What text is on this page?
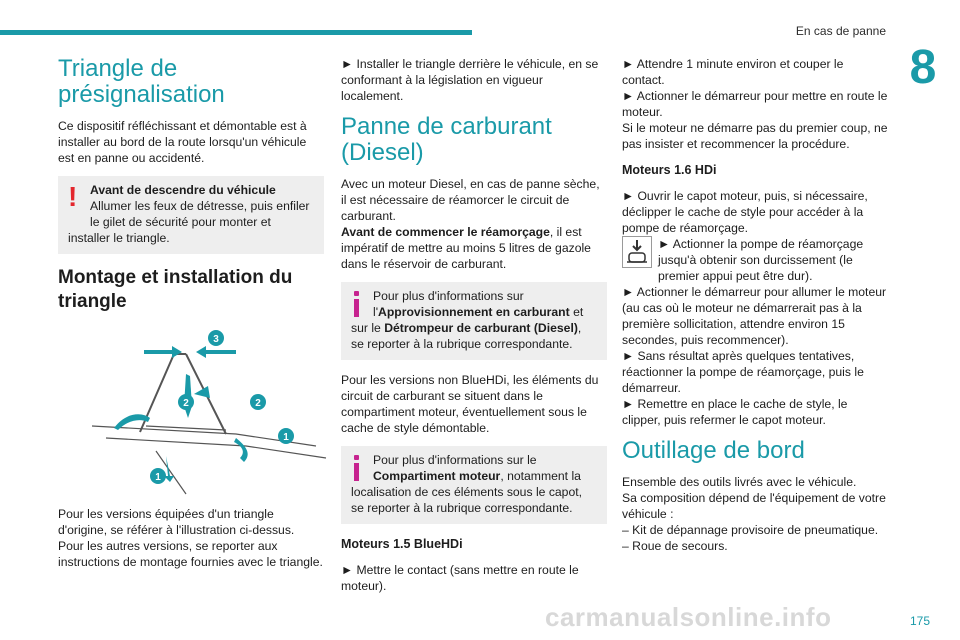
En cas de panne
8
Triangle de présignalisation

Ce dispositif réfléchissant et démontable est à installer au bord de la route lorsqu'un véhicule est en panne ou accidenté.

!	Avant de descendre du véhicule
Allumer les feux de détresse, puis enfiler le gilet de sécurité pour monter et installer le triangle.
Montage et installation du triangle
3
2	2
1
1

Pour les versions équipées d'un triangle d'origine, se référer à l'illustration ci-dessus.

Pour les autres versions, se reporter aux instructions de montage fournies avec le triangle.

► Installer le triangle derrière le véhicule, en se conformant à la législation en vigueur localement.

Panne de carburant (Diesel)

Avec un moteur Diesel, en cas de panne sèche, il est nécessaire de réamorcer le circuit de carburant.
Avant de commencer le réamorçage, il est impératif de mettre au moins 5 litres de gazole dans le réservoir de carburant.

Pour plus d'informations sur l'Approvisionnement en carburant et sur le Détrompeur de carburant (Diesel), se reporter à la rubrique correspondante.

Pour les versions non BlueHDi, les éléments du circuit de carburant se situent dans le compartiment moteur, éventuellement sous le cache de style démontable.

Pour plus d'informations sur le Compartiment moteur, notamment la localisation de ces éléments sous le capot, se reporter à la rubrique correspondante.
Moteurs 1.5 BlueHDi

► Mettre le contact (sans mettre en route le moteur).

► Attendre 1 minute environ et couper le contact.

► Actionner le démarreur pour mettre en route le moteur.

Si le moteur ne démarre pas du premier coup, ne pas insister et recommencer la procédure.

Moteurs 1.6 HDi

► Ouvrir le capot moteur, puis, si nécessaire, déclipper le cache de style pour accéder à la pompe de réamorçage.

► Actionner la pompe de réamorçage jusqu'à obtenir son durcissement (le premier appui peut être dur).

► Actionner le démarreur pour allumer le moteur (au cas où le moteur ne démarrerait pas à la première sollicitation, attendre environ 15 secondes, puis recommencer).

► Sans résultat après quelques tentatives, réactionner la pompe de réamorçage, puis le démarreur.

► Remettre en place le cache de style, le clipper, puis refermer le capot moteur.

Outillage de bord

Ensemble des outils livrés avec le véhicule.

Sa composition dépend de l'équipement de votre véhicule :

– Kit de dépannage provisoire de pneumatique.
– Roue de secours.
carmanualsonline.info	175
